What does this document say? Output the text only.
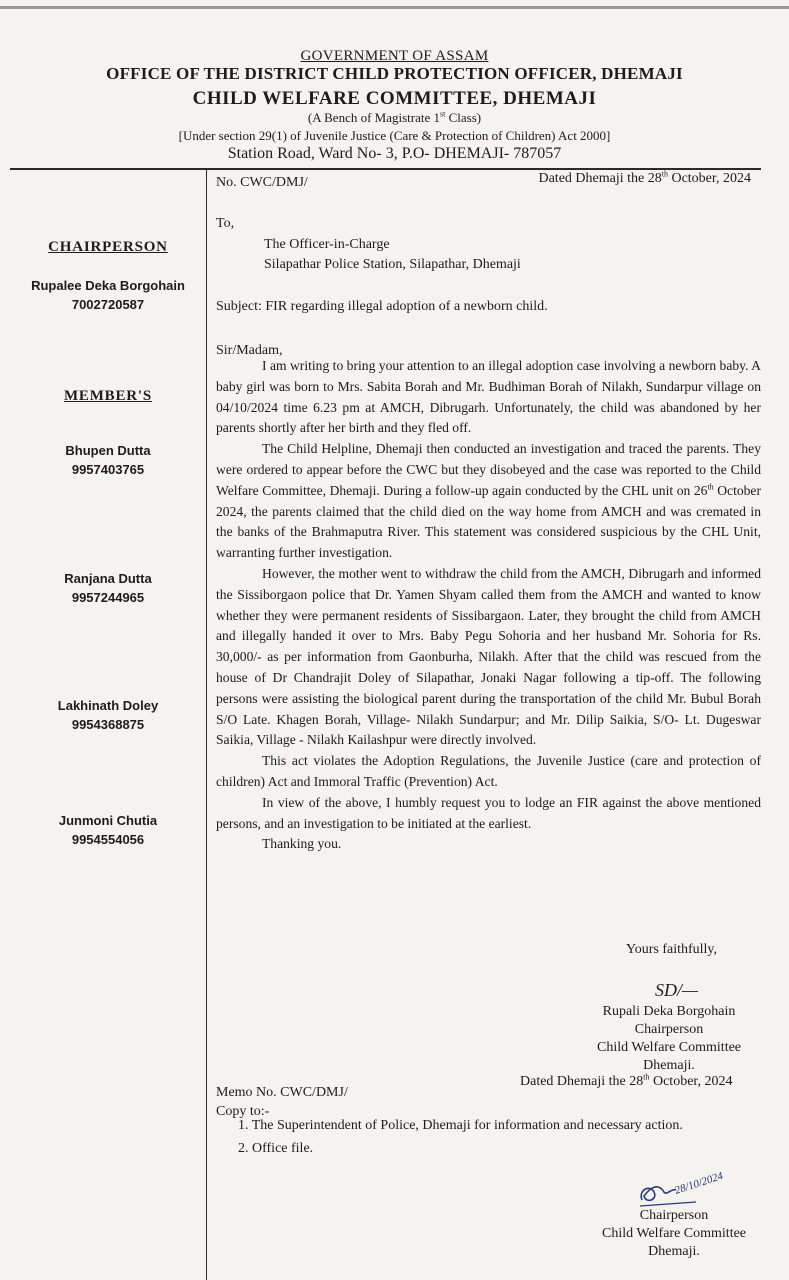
GOVERNMENT OF ASSAM
OFFICE OF THE DISTRICT CHILD PROTECTION OFFICER, DHEMAJI
CHILD WELFARE COMMITTEE, DHEMAJI
(A Bench of Magistrate 1st Class)
[Under section 29(1) of Juvenile Justice (Care & Protection of Children) Act 2000]
Station Road, Ward No- 3, P.O- DHEMAJI- 787057
CHAIRPERSON
Rupalee Deka Borgohain
7002720587
MEMBER'S
Bhupen Dutta
9957403765
Ranjana Dutta
9957244965
Lakhinath Doley
9954368875
Junmoni Chutia
9954554056
No. CWC/DMJ/	Dated Dhemaji the 28th October, 2024
To,
The Officer-in-Charge
Silapathar Police Station, Silapathar, Dhemaji
Subject: FIR regarding illegal adoption of a newborn child.
Sir/Madam,

I am writing to bring your attention to an illegal adoption case involving a newborn baby. A baby girl was born to Mrs. Sabita Borah and Mr. Budhiman Borah of Nilakh, Sundarpur village on 04/10/2024 time 6.23 pm at AMCH, Dibrugarh. Unfortunately, the child was abandoned by her parents shortly after her birth and they fled off.

The Child Helpline, Dhemaji then conducted an investigation and traced the parents. They were ordered to appear before the CWC but they disobeyed and the case was reported to the Child Welfare Committee, Dhemaji. During a follow-up again conducted by the CHL unit on 26th October 2024, the parents claimed that the child died on the way home from AMCH and was cremated in the banks of the Brahmaputra River. This statement was considered suspicious by the CHL Unit, warranting further investigation.

However, the mother went to withdraw the child from the AMCH, Dibrugarh and informed the Sissiborgaon police that Dr. Yamen Shyam called them from the AMCH and wanted to know whether they were permanent residents of Sissibargaon. Later, they brought the child from AMCH and illegally handed it over to Mrs. Baby Pegu Sohoria and her husband Mr. Sohoria for Rs. 30,000/- as per information from Gaonburha, Nilakh. After that the child was rescued from the house of Dr Chandrajit Doley of Silapathar, Jonaki Nagar following a tip-off. The following persons were assisting the biological parent during the transportation of the child Mr. Bubul Borah S/O Late. Khagen Borah, Village- Nilakh Sundarpur; and Mr. Dilip Saikia, S/O- Lt. Dugeswar Saikia, Village - Nilakh Kailashpur were directly involved.

This act violates the Adoption Regulations, the Juvenile Justice (care and protection of children) Act and Immoral Traffic (Prevention) Act.

In view of the above, I humbly request you to lodge an FIR against the above mentioned persons, and an investigation to be initiated at the earliest.

Thanking you.

Yours faithfully,
SD/—
Rupali Deka Borgohain
Chairperson
Child Welfare Committee
Dhemaji.
Memo No. CWC/DMJ/
Dated Dhemaji the 28th October, 2024
Copy to:-
1. The Superintendent of Police, Dhemaji for information and necessary action.
2. Office file.
28/10/2024
Chairperson
Child Welfare Committee
Dhemaji.
